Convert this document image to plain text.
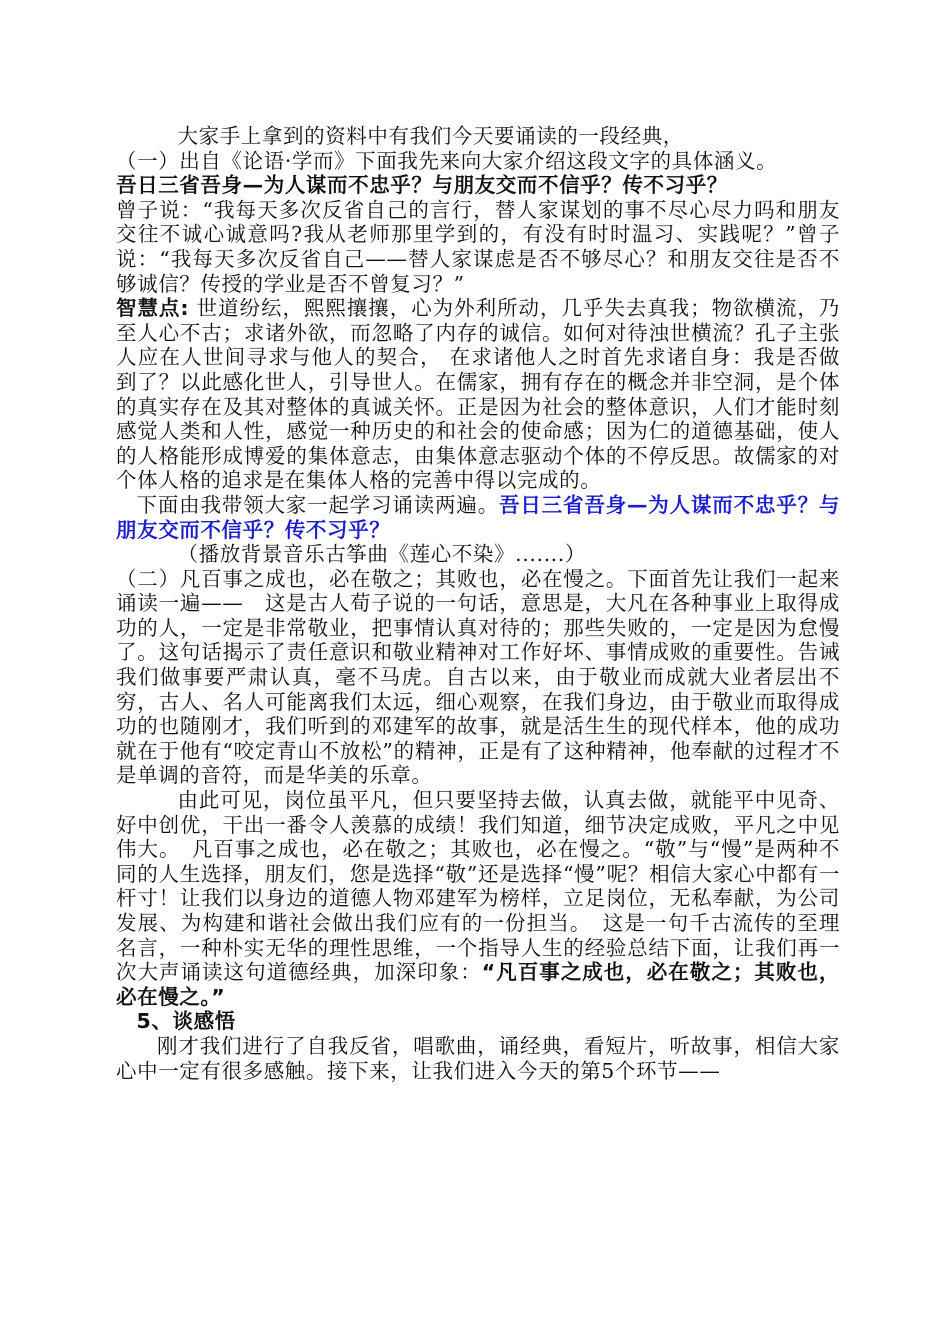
大家手上拿到的资料中有我们今天要诵读的一段经典，

（一）出自《论语·学而》下面我先来向大家介绍这段文字的具体涵义。

吾日三省吾身—为人谋而不忠乎？与朋友交而不信乎？传不习乎？

曾子说：“我每天多次反省自己的言行，替人家谋划的事不尽心尽力吗和朋友交往不诚心诚意吗?我从老师那里学到的，有没有时时温习、实践呢？”曾子说：“我每天多次反省自己——替人家谋虑是否不够尽心？和朋友交往是否不够诚信？传授的学业是否不曾复习？”

智慧点: 世道纷纭，熙熙攘攘，心为外利所动，几乎失去真我；物欲横流，乃至人心不古；求诸外欲，而忽略了内存的诚信。如何对待浊世横流？孔子主张人应在人世间寻求与他人的契合， 在求诸他人之时首先求诸自身：我是否做到了？以此感化世人，引导世人。在儒家，拥有存在的概念并非空洞，是个体的真实存在及其对整体的真诚关怀。正是因为社会的整体意识，人们才能时刻感觉人类和人性，感觉一种历史的和社会的使命感；因为仁的道德基础，使人的人格能形成博爱的集体意志，由集体意志驱动个体的不停反思。故儒家的对个体人格的追求是在集体人格的完善中得以完成的。

下面由我带领大家一起学习诵读两遍。吾日三省吾身—为人谋而不忠乎？与朋友交而不信乎？传不习乎？

（播放背景音乐古筝曲《莲心不染》.......）

（二）凡百事之成也，必在敬之；其败也，必在慢之。下面首先让我们一起来诵读一遍——　这是古人荀子说的一句话，意思是，大凡在各种事业上取得成功的人，一定是非常敬业，把事情认真对待的；那些失败的，一定是因为怠慢了。这句话揭示了责任意识和敬业精神对工作好坏、事情成败的重要性。告诫我们做事要严肃认真，毫不马虎。自古以来，由于敬业而成就大业者层出不穷，古人、名人可能离我们太远，细心观察，在我们身边，由于敬业而取得成功的也随刚才，我们听到的邓建军的故事，就是活生生的现代样本，他的成功就在于他有“咬定青山不放松”的精神，正是有了这种精神，他奉献的过程才不是单调的音符，而是华美的乐章。

由此可见，岗位虽平凡，但只要坚持去做，认真去做，就能平中见奇、好中创优，干出一番令人羡慕的成绩！我们知道，细节决定成败，平凡之中见伟大。　凡百事之成也，必在敬之；其败也，必在慢之。“敬”与“慢”是两种不同的人生选择，朋友们，您是选择“敬”还是选择“慢”呢？相信大家心中都有一杆寸！让我们以身边的道德人物邓建军为榜样，立足岗位，无私奉献，为公司发展、为构建和谐社会做出我们应有的一份担当。　这是一句千古流传的至理名言，一种朴实无华的理性思维，一个指导人生的经验总结下面，让我们再一次大声诵读这句道德经典，加深印象：“凡百事之成也，必在敬之；其败也，必在慢之。”

5、谈感悟

刚才我们进行了自我反省，唱歌曲，诵经典，看短片，听故事，相信大家心中一定有很多感触。接下来，让我们进入今天的第5个环节——
